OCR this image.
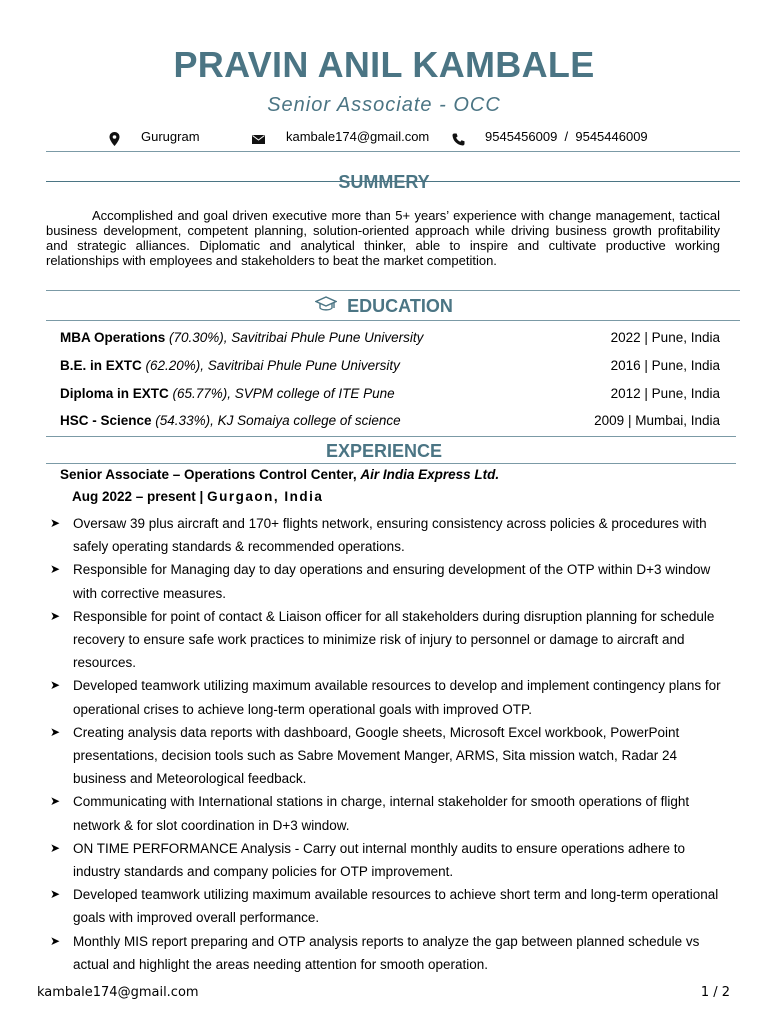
PRAVIN ANIL KAMBALE
Senior Associate - OCC
Gurugram	kambale174@gmail.com	9545456009  /  9545446009
SUMMERY
Accomplished and goal driven executive more than 5+ years’ experience with change management, tactical business development, competent planning, solution-oriented approach while driving business growth profitability and strategic alliances. Diplomatic and analytical thinker, able to inspire and cultivate productive working relationships with employees and stakeholders to beat the market competition.
EDUCATION
MBA Operations (70.30%), Savitribai Phule Pune University	2022 | Pune, India
B.E. in EXTC (62.20%), Savitribai Phule Pune University	2016 | Pune, India
Diploma in EXTC (65.77%), SVPM college of ITE Pune	2012 | Pune, India
HSC - Science (54.33%), KJ Somaiya college of science	2009 | Mumbai, India
EXPERIENCE
Senior Associate – Operations Control Center, Air India Express Ltd.
Aug 2022 – present | Gurgaon, India
➤ Oversaw 39 plus aircraft and 170+ flights network, ensuring consistency across policies & procedures with safely operating standards & recommended operations.
➤ Responsible for Managing day to day operations and ensuring development of the OTP within D+3 window with corrective measures.
➤ Responsible for point of contact & Liaison officer for all stakeholders during disruption planning for schedule recovery to ensure safe work practices to minimize risk of injury to personnel or damage to aircraft and resources.
➤ Developed teamwork utilizing maximum available resources to develop and implement contingency plans for operational crises to achieve long-term operational goals with improved OTP.
➤ Creating analysis data reports with dashboard, Google sheets, Microsoft Excel workbook, PowerPoint presentations, decision tools such as Sabre Movement Manger, ARMS, Sita mission watch, Radar 24 business and Meteorological feedback.
➤ Communicating with International stations in charge, internal stakeholder for smooth operations of flight network & for slot coordination in D+3 window.
➤ ON TIME PERFORMANCE Analysis - Carry out internal monthly audits to ensure operations adhere to industry standards and company policies for OTP improvement.
➤ Developed teamwork utilizing maximum available resources to achieve short term and long-term operational goals with improved overall performance.
➤ Monthly MIS report preparing and OTP analysis reports to analyze the gap between planned schedule vs actual and highlight the areas needing attention for smooth operation.
kambale174@gmail.com	1 / 2
